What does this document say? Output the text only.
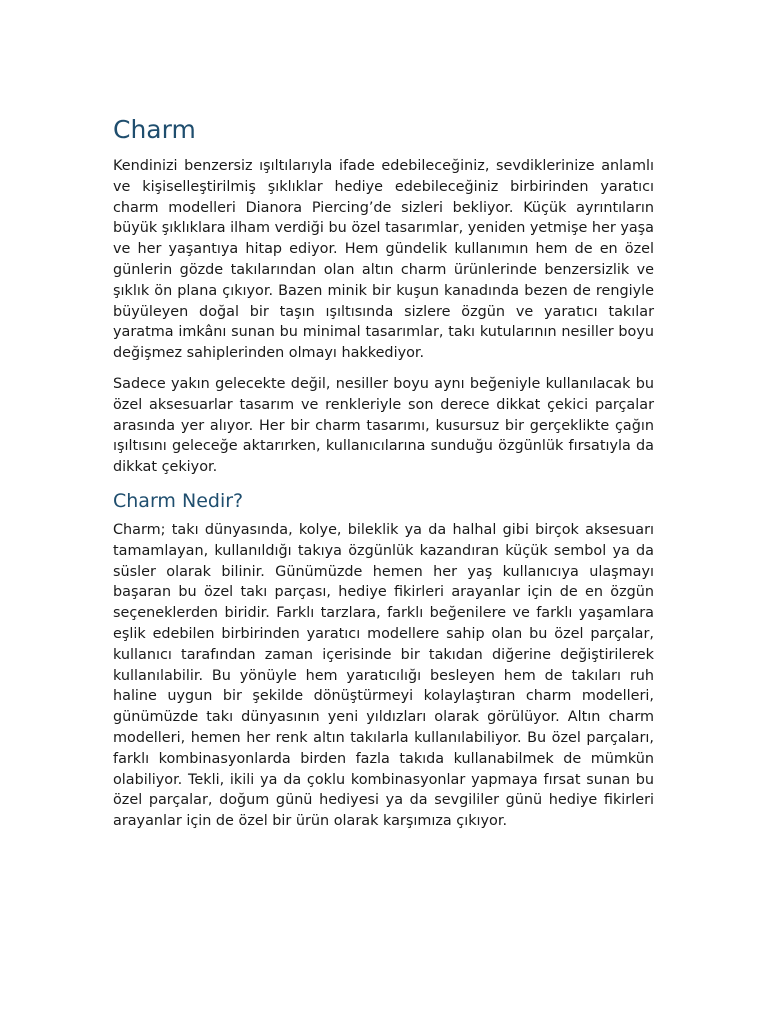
Charm

Kendinizi benzersiz ışıltılarıyla ifade edebileceğiniz, sevdiklerinize anlamlı ve kişiselleştirilmiş şıklıklar hediye edebileceğiniz birbirinden yaratıcı charm modelleri Dianora Piercing’de sizleri bekliyor. Küçük ayrıntıların büyük şıklıklara ilham verdiği bu özel tasarımlar, yeniden yetmişe her yaşa ve her yaşantıya hitap ediyor. Hem gündelik kullanımın hem de en özel günlerin gözde takılarından olan altın charm ürünlerinde benzersizlik ve şıklık ön plana çıkıyor. Bazen minik bir kuşun kanadında bezen de rengiyle büyüleyen doğal bir taşın ışıltısında sizlere özgün ve yaratıcı takılar yaratma imkânı sunan bu minimal tasarımlar, takı kutularının nesiller boyu değişmez sahiplerinden olmayı hakkediyor.

Sadece yakın gelecekte değil, nesiller boyu aynı beğeniyle kullanılacak bu özel aksesuarlar tasarım ve renkleriyle son derece dikkat çekici parçalar arasında yer alıyor. Her bir charm tasarımı, kusursuz bir gerçeklikte çağın ışıltısını geleceğe aktarırken, kullanıcılarına sunduğu özgünlük fırsatıyla da dikkat çekiyor.

Charm Nedir?

Charm; takı dünyasında, kolye, bileklik ya da halhal gibi birçok aksesuarı tamamlayan, kullanıldığı takıya özgünlük kazandıran küçük sembol ya da süsler olarak bilinir. Günümüzde hemen her yaş kullanıcıya ulaşmayı başaran bu özel takı parçası, hediye fikirleri arayanlar için de en özgün seçeneklerden biridir. Farklı tarzlara, farklı beğenilere ve farklı yaşamlara eşlik edebilen birbirinden yaratıcı modellere sahip olan bu özel parçalar, kullanıcı tarafından zaman içerisinde bir takıdan diğerine değiştirilerek kullanılabilir. Bu yönüyle hem yaratıcılığı besleyen hem de takıları ruh haline uygun bir şekilde dönüştürmeyi kolaylaştıran charm modelleri, günümüzde takı dünyasının yeni yıldızları olarak görülüyor. Altın charm modelleri, hemen her renk altın takılarla kullanılabiliyor. Bu özel parçaları, farklı kombinasyonlarda birden fazla takıda kullanabilmek de mümkün olabiliyor. Tekli, ikili ya da çoklu kombinasyonlar yapmaya fırsat sunan bu özel parçalar, doğum günü hediyesi ya da sevgililer günü hediye fikirleri arayanlar için de özel bir ürün olarak karşımıza çıkıyor.
